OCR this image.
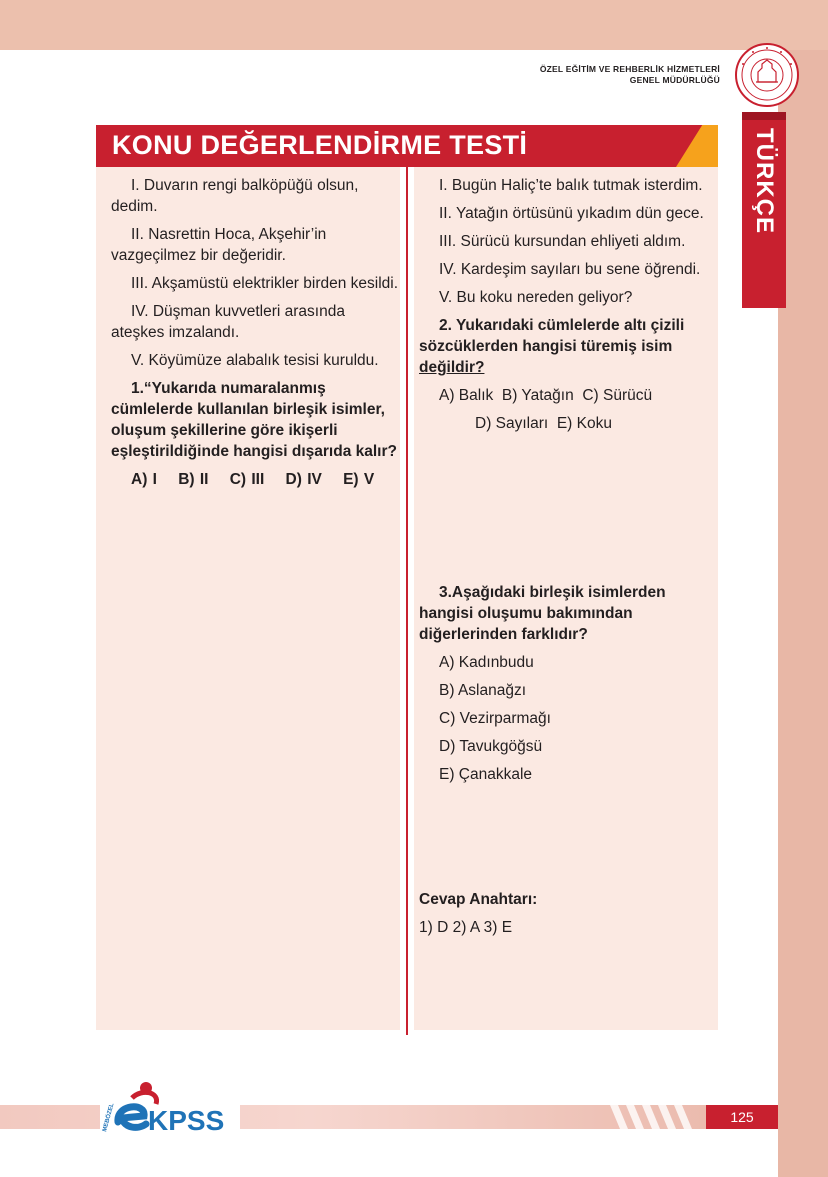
ÖZEL EĞİTİM VE REHBERLİK HİZMETLERİ
GENEL MÜDÜRLÜĞÜ
TÜRKÇE
KONU DEĞERLENDİRME TESTİ
I. Duvarın rengi balköpüğü olsun, dedim.
II. Nasrettin Hoca, Akşehir’in vazgeçilmez bir değeridir.
III. Akşamüstü elektrikler birden kesildi.
IV. Düşman kuvvetleri arasında ateşkes imzalandı.
V. Köyümüze alabalık tesisi kuruldu.
1.“Yukarıda numaralanmış cümlelerde kullanılan birleşik isimler, oluşum şekillerine göre ikişerli eşleştirildiğinde hangisi dışarıda kalır?
A) I B) II C) III D) IV E) V
I. Bugün Haliç’te balık tutmak isterdim.
II. Yatağın örtüsünü yıkadım dün gece.
III. Sürücü kursundan ehliyeti aldım.
IV. Kardeşim sayıları bu sene öğrendi.
V. Bu koku nereden geliyor?
2. Yukarıdaki cümlelerde altı çizili sözcüklerden hangisi türemiş isim değildir?
A) Balık B) Yatağın C) Sürücü
D) Sayıları E) Koku
3.Aşağıdaki birleşik isimlerden hangisi oluşumu bakımından diğerlerinden farklıdır?
A) Kadınbudu
B) Aslanağzı
C) Vezirparmağı
D) Tavukgöğsü
E) Çanakkale
Cevap Anahtarı:
1) D 2) A 3) E
125
KPSS
MEBÖZEL
